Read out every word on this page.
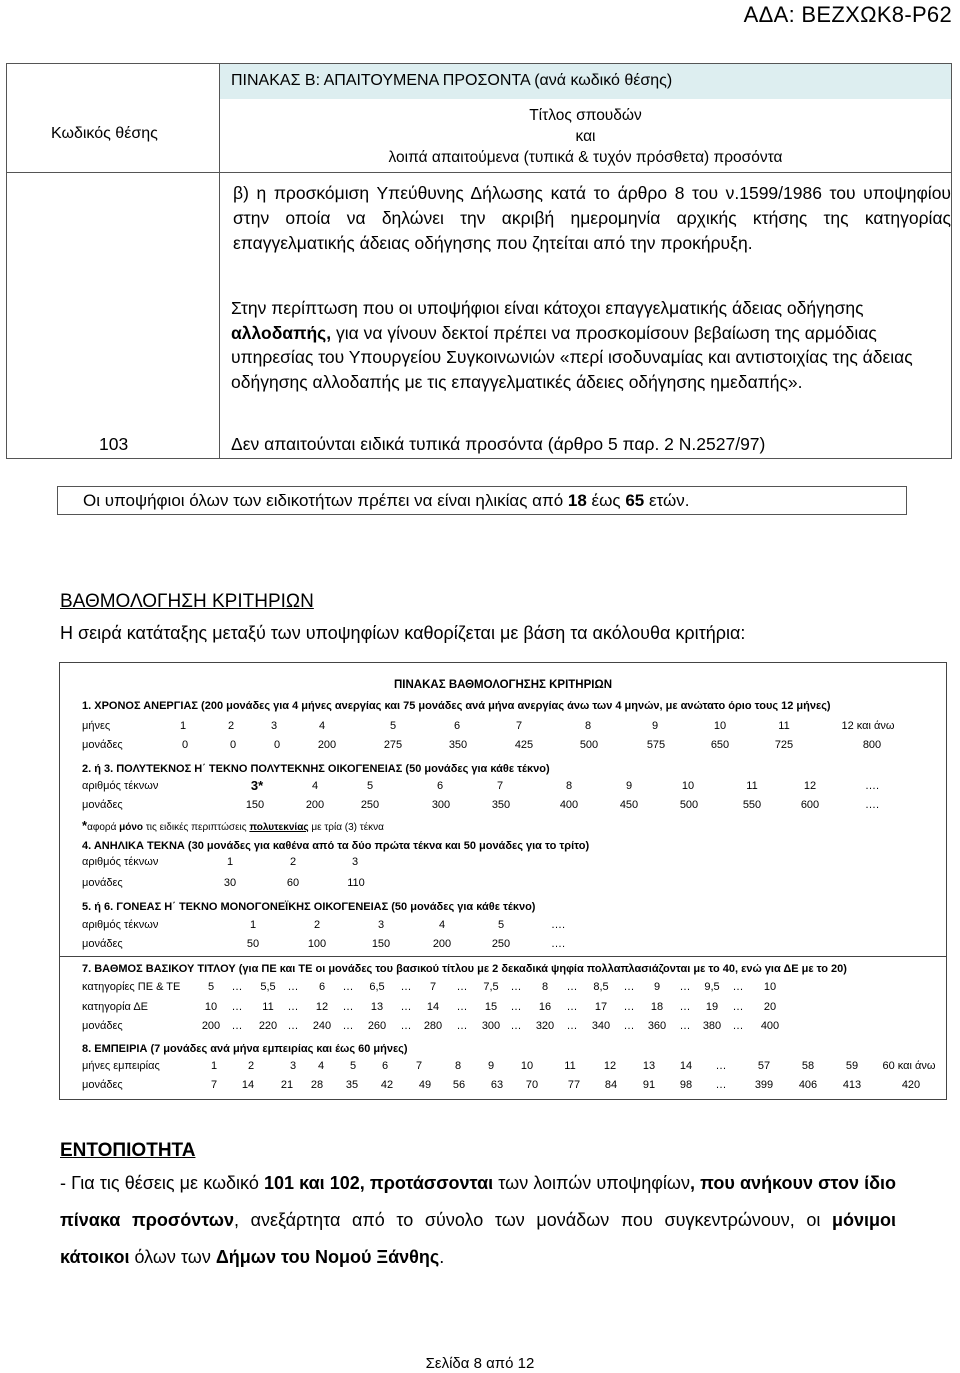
ΑΔΑ: ΒΕΖΧΩΚ8-Ρ62
ΠΙΝΑΚΑΣ Β: ΑΠΑΙΤΟΥΜΕΝΑ ΠΡΟΣΟΝΤΑ (ανά κωδικό θέσης)
Κωδικός θέσης
Τίτλος σπουδών
και
λοιπά απαιτούμενα (τυπικά & τυχόν πρόσθετα) προσόντα
β) η προσκόμιση Υπεύθυνης Δήλωσης κατά το άρθρο 8 του ν.1599/1986 του υποψηφίου στην οποία να δηλώνει την ακριβή ημερομηνία αρχικής κτήσης της κατηγορίας επαγγελματικής άδειας οδήγησης που ζητείται από την προκήρυξη.
Στην περίπτωση που οι υποψήφιοι είναι κάτοχοι επαγγελματικής άδειας οδήγησης αλλοδαπής, για να γίνουν δεκτοί πρέπει να προσκομίσουν βεβαίωση της αρμόδιας υπηρεσίας του Υπουργείου Συγκοινωνιών «περί ισοδυναμίας και αντιστοιχίας της άδειας οδήγησης αλλοδαπής με τις επαγγελματικές άδειες οδήγησης ημεδαπής».
103	Δεν απαιτούνται ειδικά τυπικά προσόντα (άρθρο 5 παρ. 2 Ν.2527/97)
Οι υποψήφιοι όλων των ειδικοτήτων πρέπει να είναι ηλικίας από 18 έως 65 ετών.
ΒΑΘΜΟΛΟΓΗΣΗ ΚΡΙΤΗΡΙΩΝ
Η σειρά κατάταξης μεταξύ των υποψηφίων καθορίζεται με βάση τα ακόλουθα κριτήρια:
ΠΙΝΑΚΑΣ ΒΑΘΜΟΛΟΓΗΣΗΣ ΚΡΙΤΗΡΙΩΝ
1. ΧΡΟΝΟΣ ΑΝΕΡΓΙΑΣ (200 μονάδες για 4 μήνες ανεργίας και 75 μονάδες ανά μήνα ανεργίας άνω των 4 μηνών, με ανώτατο όριο τους 12 μήνες)
μήνες	1	2	3	4	5	6	7	8	9	10	11	12 και άνω
μονάδες	0	0	0	200	275	350	425	500	575	650	725	800
2. ή 3. ΠΟΛΥΤΕΚΝΟΣ Η΄ ΤΕΚΝΟ ΠΟΛΥΤΕΚΝΗΣ ΟΙΚΟΓΕΝΕΙΑΣ (50 μονάδες για κάθε τέκνο)
αριθμός τέκνων	3*	4	5	6	7	8	9	10	11	12	….
μονάδες	150	200	250	300	350	400	450	500	550	600	….
*αφορά μόνο τις ειδικές περιπτώσεις πολυτεκνίας με τρία (3) τέκνα
4. ΑΝΗΛΙΚΑ ΤΕΚΝΑ (30 μονάδες για καθένα από τα δύο πρώτα τέκνα και 50 μονάδες για το τρίτο)
αριθμός τέκνων	1	2	3
μονάδες	30	60	110
5. ή 6. ΓΟΝΕΑΣ Η΄ ΤΕΚΝΟ ΜΟΝΟΓΟΝΕΪΚΗΣ ΟΙΚΟΓΕΝΕΙΑΣ (50 μονάδες για κάθε τέκνο)
αριθμός τέκνων	1	2	3	4	5	….
μονάδες	50	100	150	200	250	….
7. ΒΑΘΜΟΣ ΒΑΣΙΚΟΥ ΤΙΤΛΟΥ (για ΠΕ και ΤΕ οι μονάδες του βασικού τίτλου με 2 δεκαδικά ψηφία πολλαπλασιάζονται με το 40, ενώ για ΔΕ με το 20)
κατηγορίες ΠΕ & ΤΕ	5	…	5,5	…	6	…	6,5	…	7	…	7,5	…	8	…	8,5	…	9	…	9,5	…	10
κατηγορία ΔΕ	10	…	11	…	12	…	13	…	14	…	15	…	16	…	17	…	18	…	19	…	20
μονάδες	200	…	220 …	240	…	260	…	280	…	300 …	320	…	340	…	360	…	380	…	400
8. ΕΜΠΕΙΡΙΑ (7 μονάδες ανά μήνα εμπειρίας και έως 60 μήνες)
μήνες εμπειρίας	1	2	3	4	5	6	7	8	9	10	11	12	13	14	…	57	58	59	60 και άνω
μονάδες	7	14	21	28	35	42	49	56	63	70	77	84	91	98	…	399	406	413	420
ΕΝΤΟΠΙΟΤΗΤΑ
- Για τις θέσεις με κωδικό 101 και 102, προτάσσονται των λοιπών υποψηφίων, που ανήκουν στον ίδιο πίνακα προσόντων, ανεξάρτητα από το σύνολο των μονάδων που συγκεντρώνουν, οι μόνιμοι κάτοικοι όλων των Δήμων του Νομού Ξάνθης.
Σελίδα 8 από 12
